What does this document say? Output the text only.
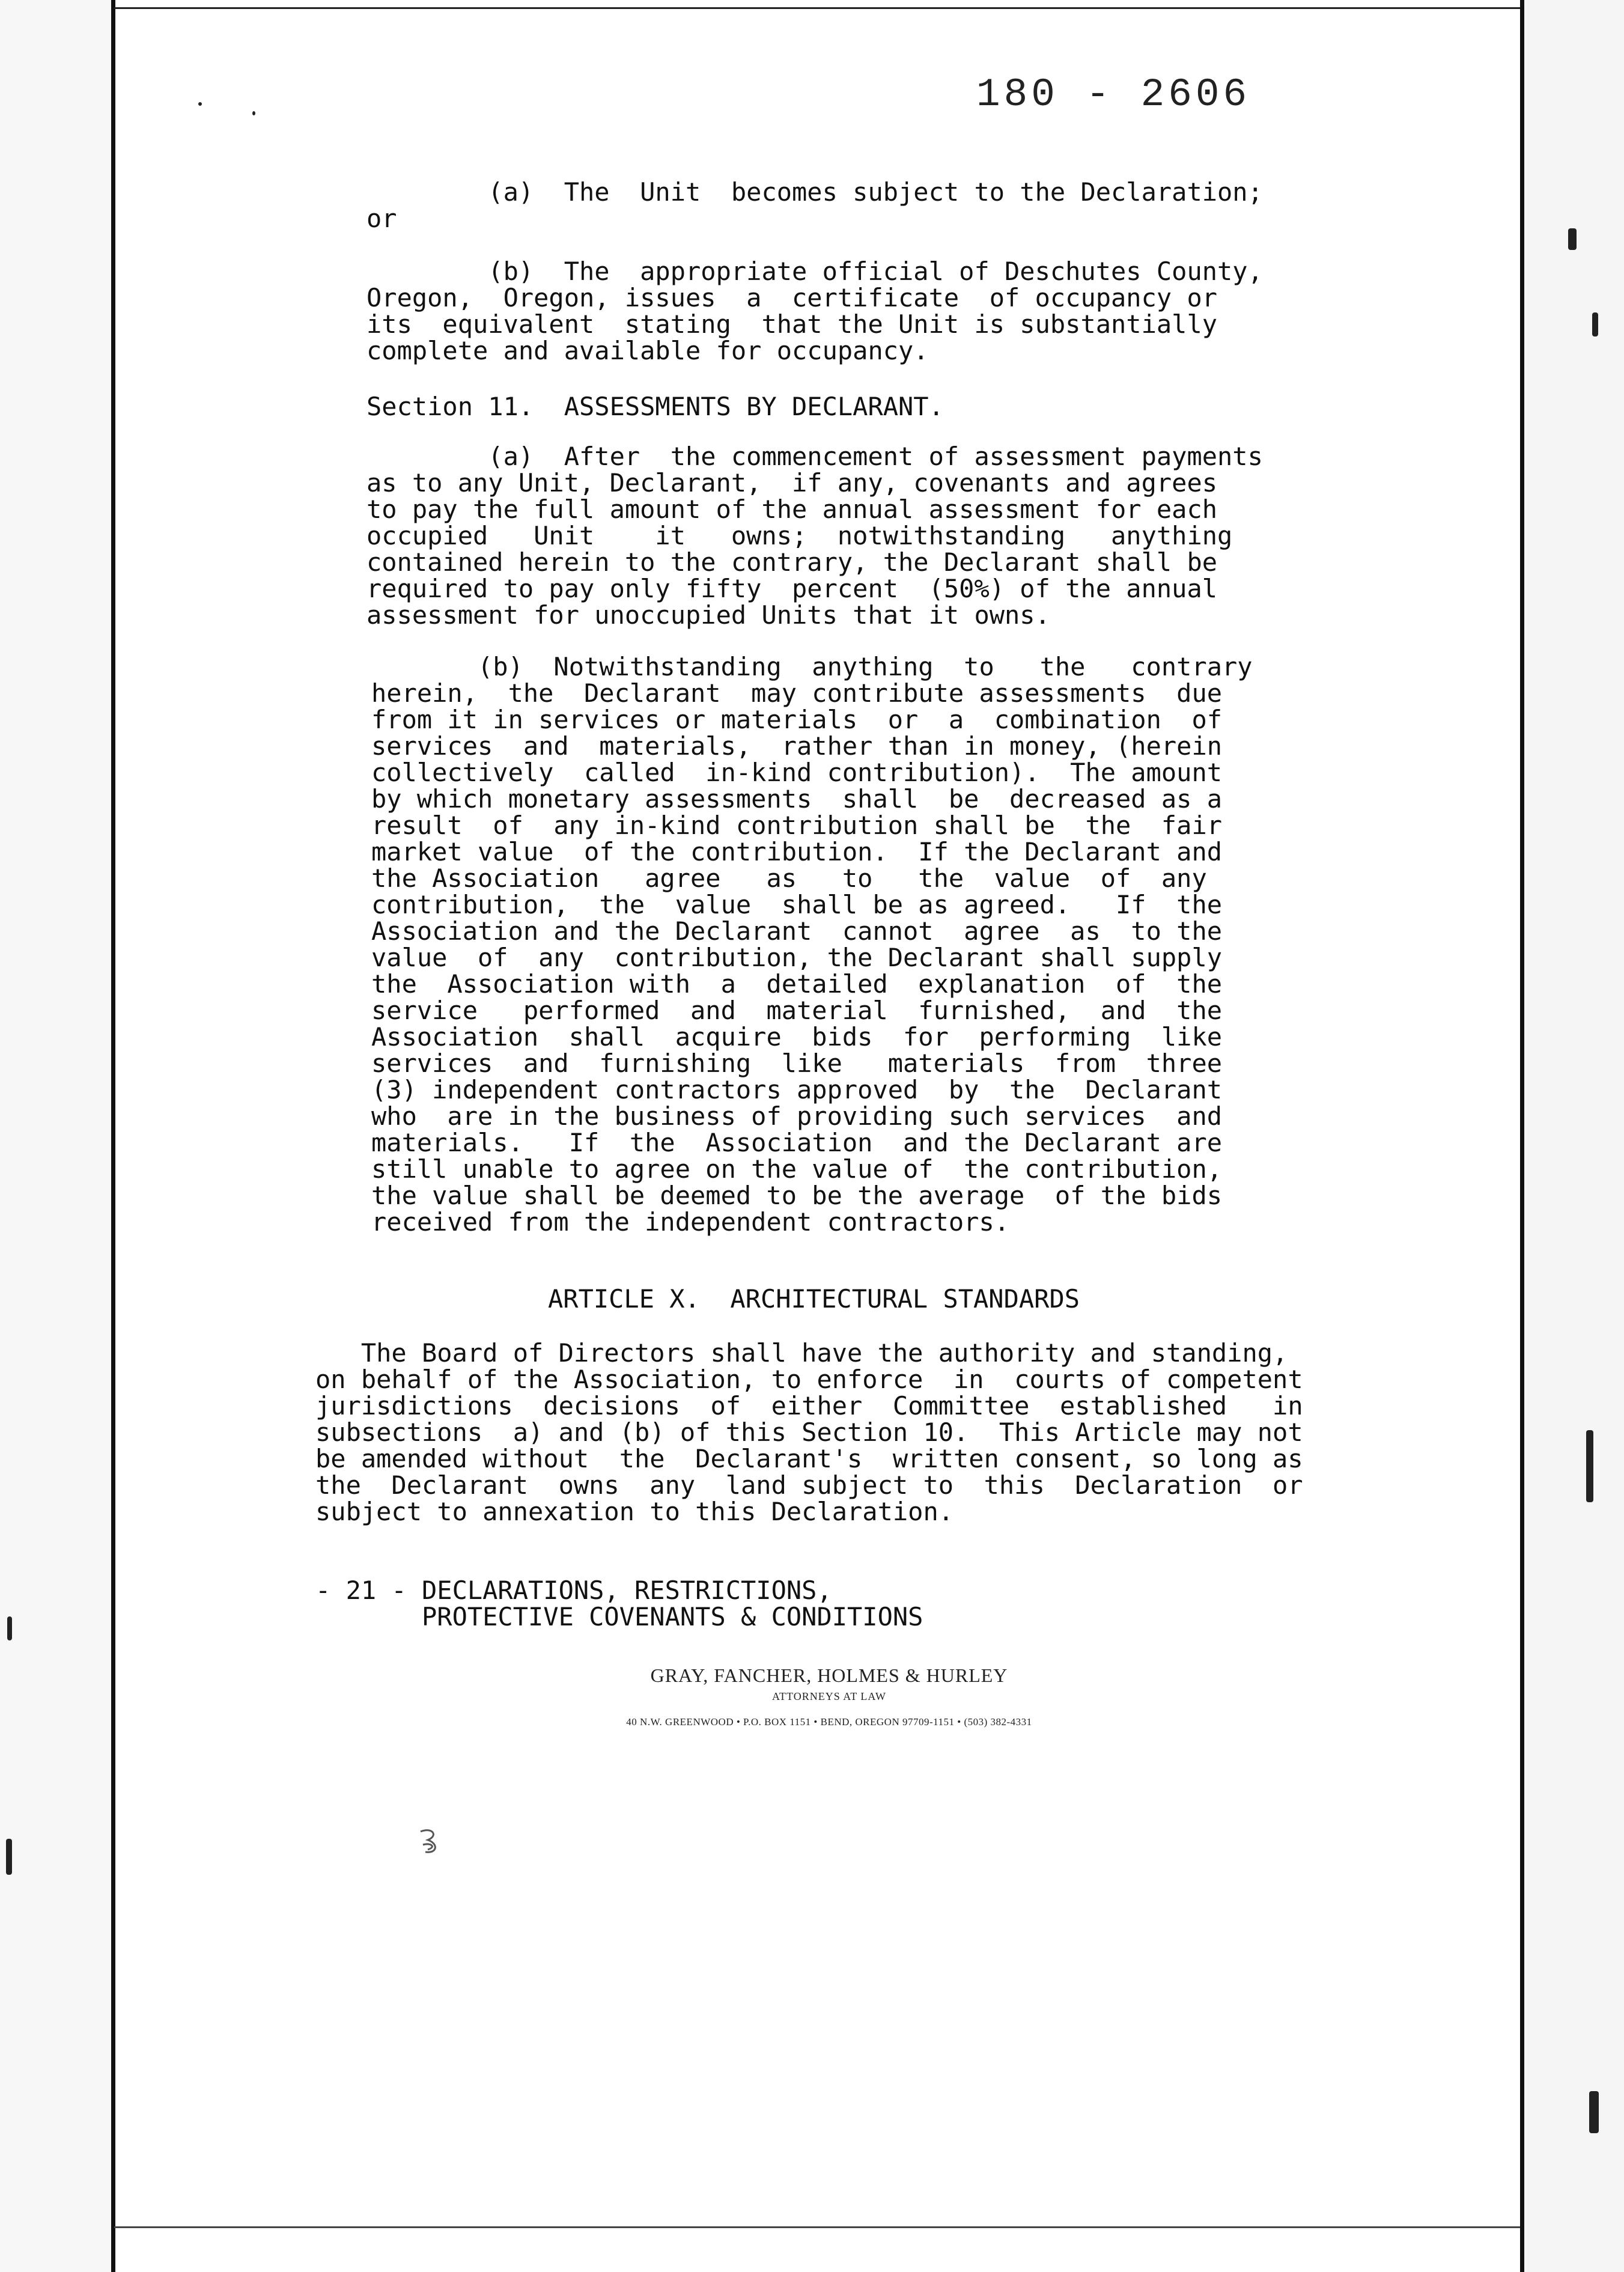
180 - 2606
(a)  The  Unit  becomes subject to the Declaration;
or
(b)  The  appropriate official of Deschutes County,
Oregon,  Oregon, issues  a  certificate  of occupancy or
its  equivalent  stating  that the Unit is substantially
complete and available for occupancy.
Section 11.  ASSESSMENTS BY DECLARANT.
(a)  After  the commencement of assessment payments
as to any Unit, Declarant,  if any, covenants and agrees
to pay the full amount of the annual assessment for each
occupied   Unit    it   owns;  notwithstanding   anything
contained herein to the contrary, the Declarant shall be
required to pay only fifty  percent  (50%) of the annual
assessment for unoccupied Units that it owns.
(b)  Notwithstanding  anything  to   the   contrary
herein,  the  Declarant  may contribute assessments  due
from it in services or materials  or  a  combination  of
services  and  materials,  rather than in money, (herein
collectively  called  in-kind contribution).  The amount
by which monetary assessments  shall  be  decreased as a
result  of  any in-kind contribution shall be  the  fair
market value  of the contribution.  If the Declarant and
the Association   agree   as   to   the  value  of  any
contribution,  the  value  shall be as agreed.   If  the
Association and the Declarant  cannot  agree  as  to the
value  of  any  contribution, the Declarant shall supply
the  Association with  a  detailed  explanation  of  the
service   performed  and  material  furnished,  and  the
Association  shall  acquire  bids  for  performing  like
services  and  furnishing  like   materials  from  three
(3) independent contractors approved  by  the  Declarant
who  are in the business of providing such services  and
materials.   If  the  Association  and the Declarant are
still unable to agree on the value of  the contribution,
the value shall be deemed to be the average  of the bids
received from the independent contractors.
ARTICLE X.  ARCHITECTURAL STANDARDS
The Board of Directors shall have the authority and standing,
on behalf of the Association, to enforce  in  courts of competent
jurisdictions  decisions  of  either  Committee  established   in
subsections  a) and (b) of this Section 10.  This Article may not
be amended without  the  Declarant's  written consent, so long as
the  Declarant  owns  any  land subject to  this  Declaration  or
subject to annexation to this Declaration.
- 21 - DECLARATIONS, RESTRICTIONS,
PROTECTIVE COVENANTS & CONDITIONS
GRAY, FANCHER, HOLMES & HURLEY
ATTORNEYS AT LAW
40 N.W. GREENWOOD • P.O. BOX 1151 • BEND, OREGON 97709-1151 • (503) 382-4331
